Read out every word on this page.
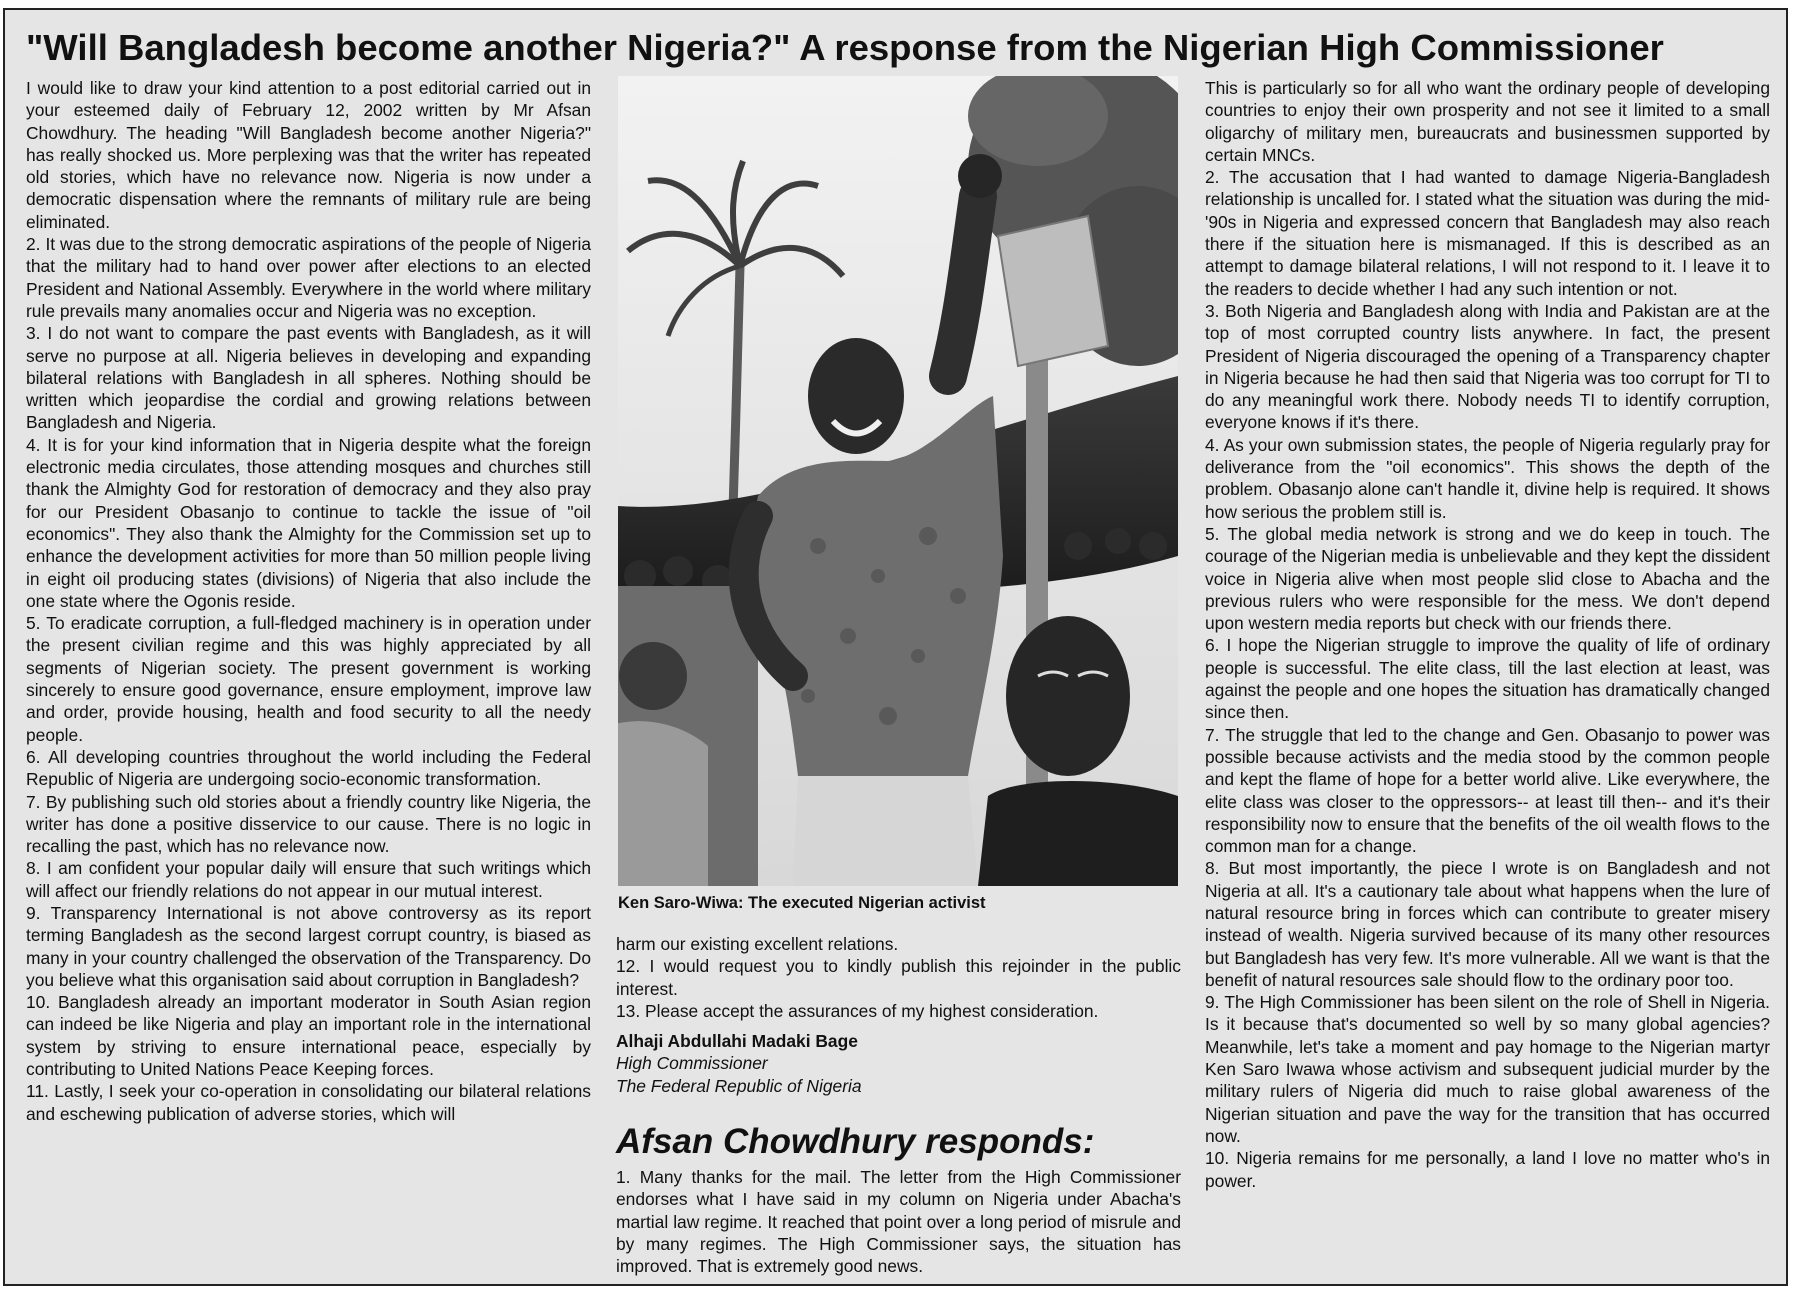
"Will Bangladesh become another Nigeria?" A response from the Nigerian High Commissioner

I would like to draw your kind attention to a post editorial carried out in your esteemed daily of February 12, 2002 written by Mr Afsan Chowdhury. The heading "Will Bangladesh become another Nigeria?" has really shocked us. More perplexing was that the writer has repeated old stories, which have no relevance now. Nigeria is now under a democratic dispensation where the remnants of military rule are being eliminated.

2. It was due to the strong democratic aspirations of the people of Nigeria that the military had to hand over power after elections to an elected President and National Assembly. Everywhere in the world where military rule prevails many anomalies occur and Nigeria was no exception.

3. I do not want to compare the past events with Bangladesh, as it will serve no purpose at all. Nigeria believes in developing and expanding bilateral relations with Bangladesh in all spheres. Nothing should be written which jeopardise the cordial and growing relations between Bangladesh and Nigeria.

4. It is for your kind information that in Nigeria despite what the foreign electronic media circulates, those attending mosques and churches still thank the Almighty God for restoration of democracy and they also pray for our President Obasanjo to continue to tackle the issue of "oil economics". They also thank the Almighty for the Commission set up to enhance the development activities for more than 50 million people living in eight oil producing states (divisions) of Nigeria that also include the one state where the Ogonis reside.

5. To eradicate corruption, a full-fledged machinery is in operation under the present civilian regime and this was highly appreciated by all segments of Nigerian society. The present government is working sincerely to ensure good governance, ensure employment, improve law and order, provide housing, health and food security to all the needy people.

6. All developing countries throughout the world including the Federal Republic of Nigeria are undergoing socio-economic transformation.

7. By publishing such old stories about a friendly country like Nigeria, the writer has done a positive disservice to our cause. There is no logic in recalling the past, which has no relevance now.

8. I am confident your popular daily will ensure that such writings which will affect our friendly relations do not appear in our mutual interest.

9. Transparency International is not above controversy as its report terming Bangladesh as the second largest corrupt country, is biased as many in your country challenged the observation of the Transparency. Do you believe what this organisation said about corruption in Bangladesh?

10. Bangladesh already an important moderator in South Asian region can indeed be like Nigeria and play an important role in the international system by striving to ensure international peace, especially by contributing to United Nations Peace Keeping forces.

11. Lastly, I seek your co-operation in consolidating our bilateral relations and eschewing publication of adverse stories, which will

Ken Saro-Wiwa: The executed Nigerian activist

harm our existing excellent relations.

12. I would request you to kindly publish this rejoinder in the public interest.

13. Please accept the assurances of my highest consideration.

Alhaji Abdullahi Madaki Bage
High Commissioner
The Federal Republic of Nigeria
Afsan Chowdhury responds:

1. Many thanks for the mail. The letter from the High Commissioner endorses what I have said in my column on Nigeria under Abacha's martial law regime. It reached that point over a long period of misrule and by many regimes. The High Commissioner says, the situation has improved. That is extremely good news.

This is particularly so for all who want the ordinary people of developing countries to enjoy their own prosperity and not see it limited to a small oligarchy of military men, bureaucrats and businessmen supported by certain MNCs.

2. The accusation that I had wanted to damage Nigeria-Bangladesh relationship is uncalled for. I stated what the situation was during the mid-'90s in Nigeria and expressed concern that Bangladesh may also reach there if the situation here is mismanaged. If this is described as an attempt to damage bilateral relations, I will not respond to it. I leave it to the readers to decide whether I had any such intention or not.

3. Both Nigeria and Bangladesh along with India and Pakistan are at the top of most corrupted country lists anywhere. In fact, the present President of Nigeria discouraged the opening of a Transparency chapter in Nigeria because he had then said that Nigeria was too corrupt for TI to do any meaningful work there. Nobody needs TI to identify corruption, everyone knows if it's there.

4. As your own submission states, the people of Nigeria regularly pray for deliverance from the "oil economics". This shows the depth of the problem. Obasanjo alone can't handle it, divine help is required. It shows how serious the problem still is.

5. The global media network is strong and we do keep in touch. The courage of the Nigerian media is unbelievable and they kept the dissident voice in Nigeria alive when most people slid close to Abacha and the previous rulers who were responsible for the mess. We don't depend upon western media reports but check with our friends there.

6. I hope the Nigerian struggle to improve the quality of life of ordinary people is successful. The elite class, till the last election at least, was against the people and one hopes the situation has dramatically changed since then.

7. The struggle that led to the change and Gen. Obasanjo to power was possible because activists and the media stood by the common people and kept the flame of hope for a better world alive. Like everywhere, the elite class was closer to the oppressors-- at least till then-- and it's their responsibility now to ensure that the benefits of the oil wealth flows to the common man for a change.

8. But most importantly, the piece I wrote is on Bangladesh and not Nigeria at all. It's a cautionary tale about what happens when the lure of natural resource bring in forces which can contribute to greater misery instead of wealth. Nigeria survived because of its many other resources but Bangladesh has very few. It's more vulnerable. All we want is that the benefit of natural resources sale should flow to the ordinary poor too.

9. The High Commissioner has been silent on the role of Shell in Nigeria. Is it because that's documented so well by so many global agencies? Meanwhile, let's take a moment and pay homage to the Nigerian martyr Ken Saro Iwawa whose activism and subsequent judicial murder by the military rulers of Nigeria did much to raise global awareness of the Nigerian situation and pave the way for the transition that has occurred now.

10. Nigeria remains for me personally, a land I love no matter who's in power.
